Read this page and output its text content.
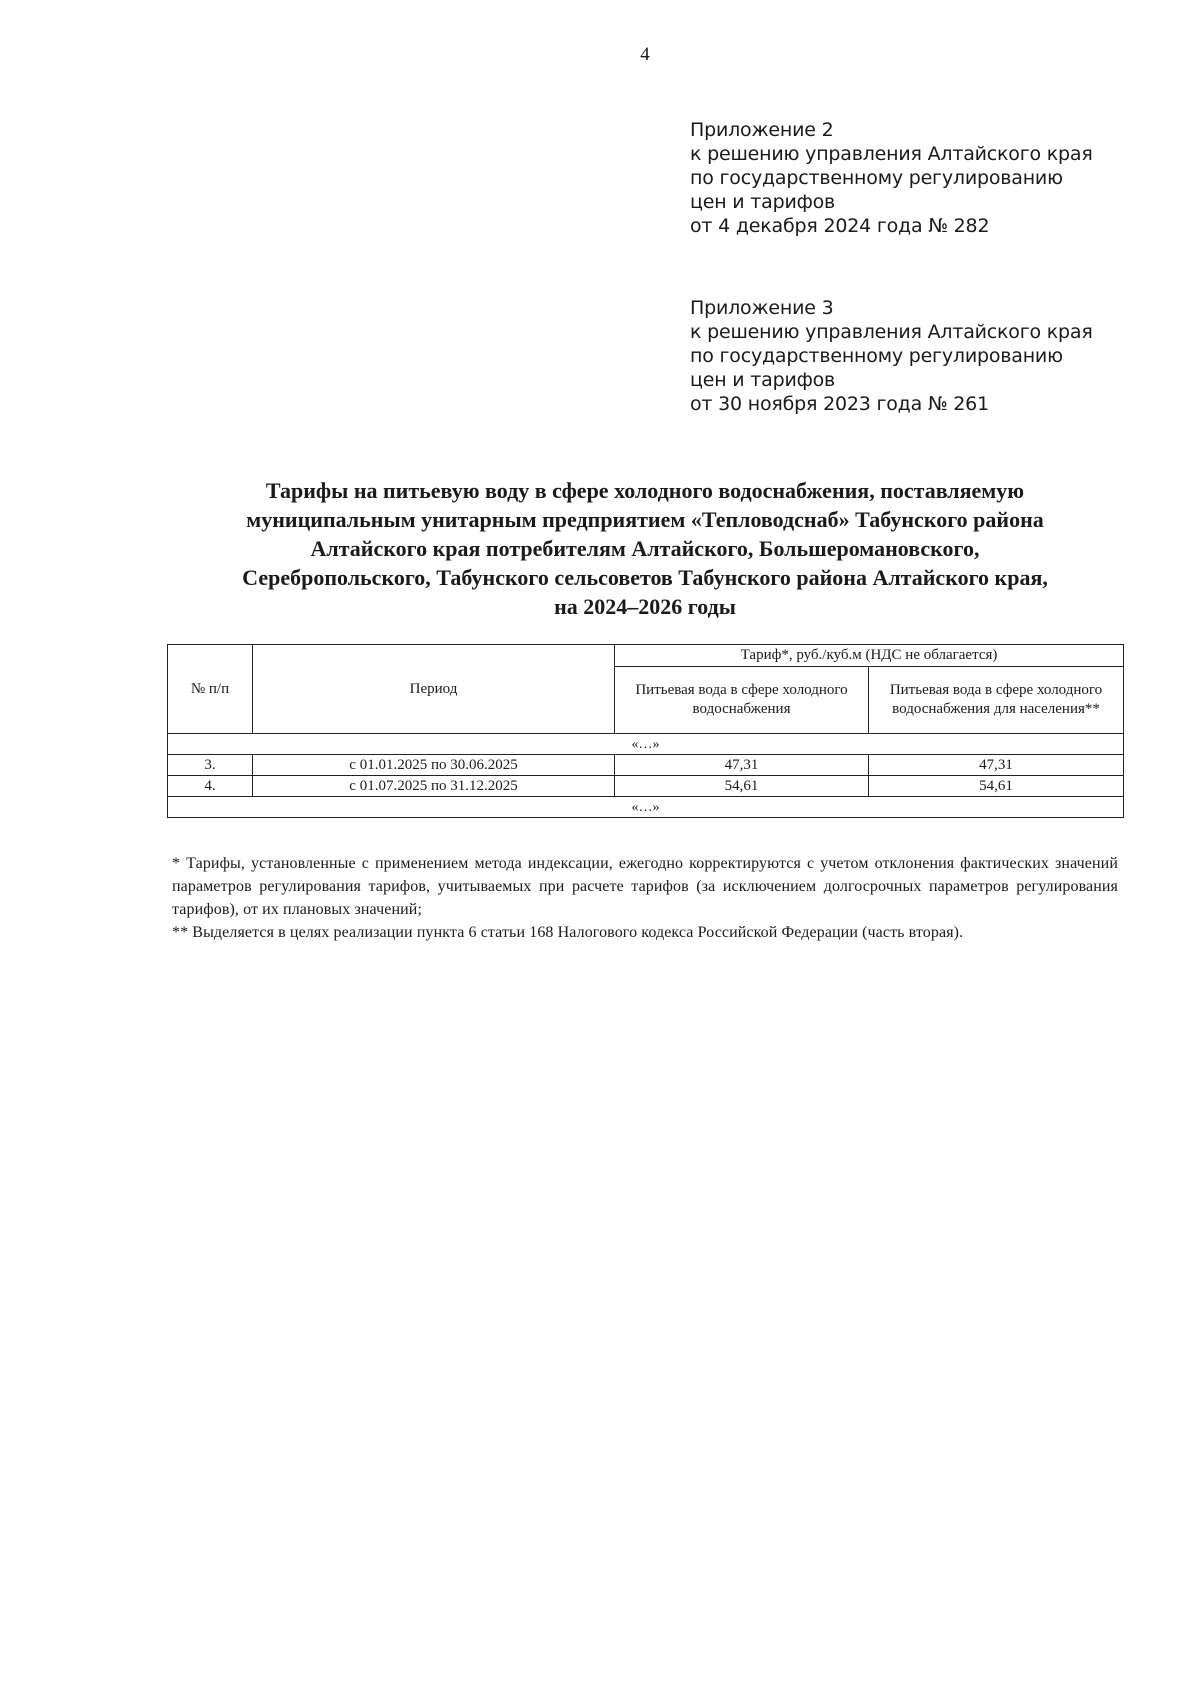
4
Приложение 2
к решению управления Алтайского края
по государственному регулированию
цен и тарифов
от 4 декабря 2024 года № 282
Приложение 3
к решению управления Алтайского края
по государственному регулированию
цен и тарифов
от 30 ноября 2023 года № 261
Тарифы на питьевую воду в сфере холодного водоснабжения, поставляемую
муниципальным унитарным предприятием «Тепловодснаб» Табунского района
Алтайского края потребителям Алтайского, Большеромановского,
Серебропольского, Табунского сельсоветов Табунского района Алтайского края,
на 2024–2026 годы
№ п/п	Период	Тариф*, руб./куб.м (НДС не облагается)	
		Питьевая вода в сфере холодного водоснабжения	Питьевая вода в сфере холодного водоснабжения для населения**
«…»			
3.	с 01.01.2025 по 30.06.2025	47,31	47,31
4.	с 01.07.2025 по 31.12.2025	54,61	54,61
«…»			

* Тарифы, установленные с применением метода индексации, ежегодно корректируются с учетом отклонения фактических значений параметров регулирования тарифов, учитываемых при расчете тарифов (за исключением долгосрочных параметров регулирования тарифов), от их плановых значений;

** Выделяется в целях реализации пункта 6 статьи 168 Налогового кодекса Российской Федерации (часть вторая).
